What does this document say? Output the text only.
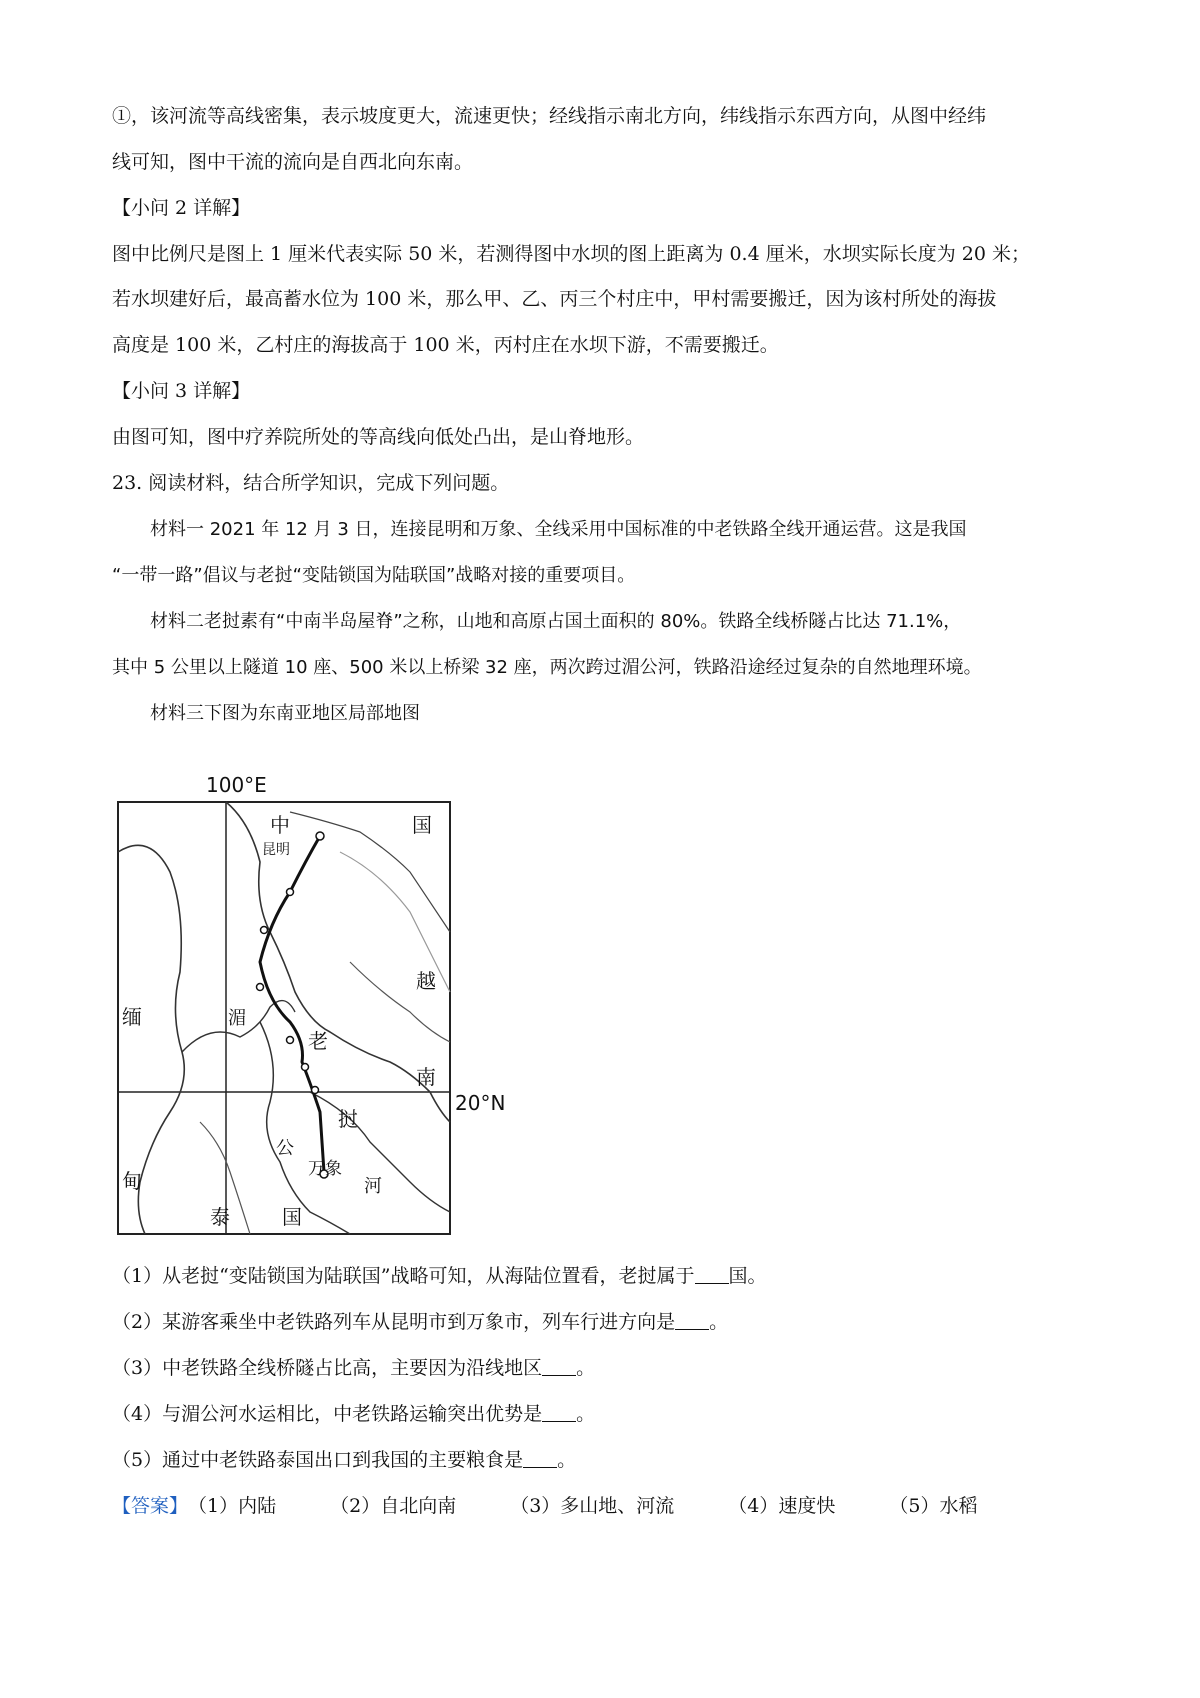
①，该河流等高线密集，表示坡度更大，流速更快；经线指示南北方向，纬线指示东西方向，从图中经纬
线可知，图中干流的流向是自西北向东南。
【小问 2 详解】
图中比例尺是图上 1 厘米代表实际 50 米，若测得图中水坝的图上距离为 0.4 厘米，水坝实际长度为 20 米；
若水坝建好后，最高蓄水位为 100 米，那么甲、乙、丙三个村庄中，甲村需要搬迁，因为该村所处的海拔
高度是 100 米，乙村庄的海拔高于 100 米，丙村庄在水坝下游，不需要搬迁。
【小问 3 详解】
由图可知，图中疗养院所处的等高线向低处凸出，是山脊地形。
23. 阅读材料，结合所学知识，完成下列问题。
材料一 2021 年 12 月 3 日，连接昆明和万象、全线采用中国标准的中老铁路全线开通运营。这是我国
“一带一路”倡议与老挝“变陆锁国为陆联国”战略对接的重要项目。
材料二老挝素有“中南半岛屋脊”之称，山地和高原占国土面积的 80%。铁路全线桥隧占比达 71.1%，
其中 5 公里以上隧道 10 座、500 米以上桥梁 32 座，两次跨过湄公河，铁路沿途经过复杂的自然地理环境。
材料三下图为东南亚地区局部地图
100°E
20°N
中	国
昆明
越
南
缅
甸
老
挝
泰	国
湄
公
河
万象
（1）从老挝“变陆锁国为陆联国”战略可知，从海陆位置看，老挝属于 国。
（2）某游客乘坐中老铁路列车从昆明市到万象市，列车行进方向是 。
（3）中老铁路全线桥隧占比高，主要因为沿线地区 。
（4）与湄公河水运相比，中老铁路运输突出优势是 。
（5）通过中老铁路泰国出口到我国的主要粮食是 。
【答案】（1）内陆	（2）自北向南	（3）多山地、河流	（4）速度快	（5）水稻
